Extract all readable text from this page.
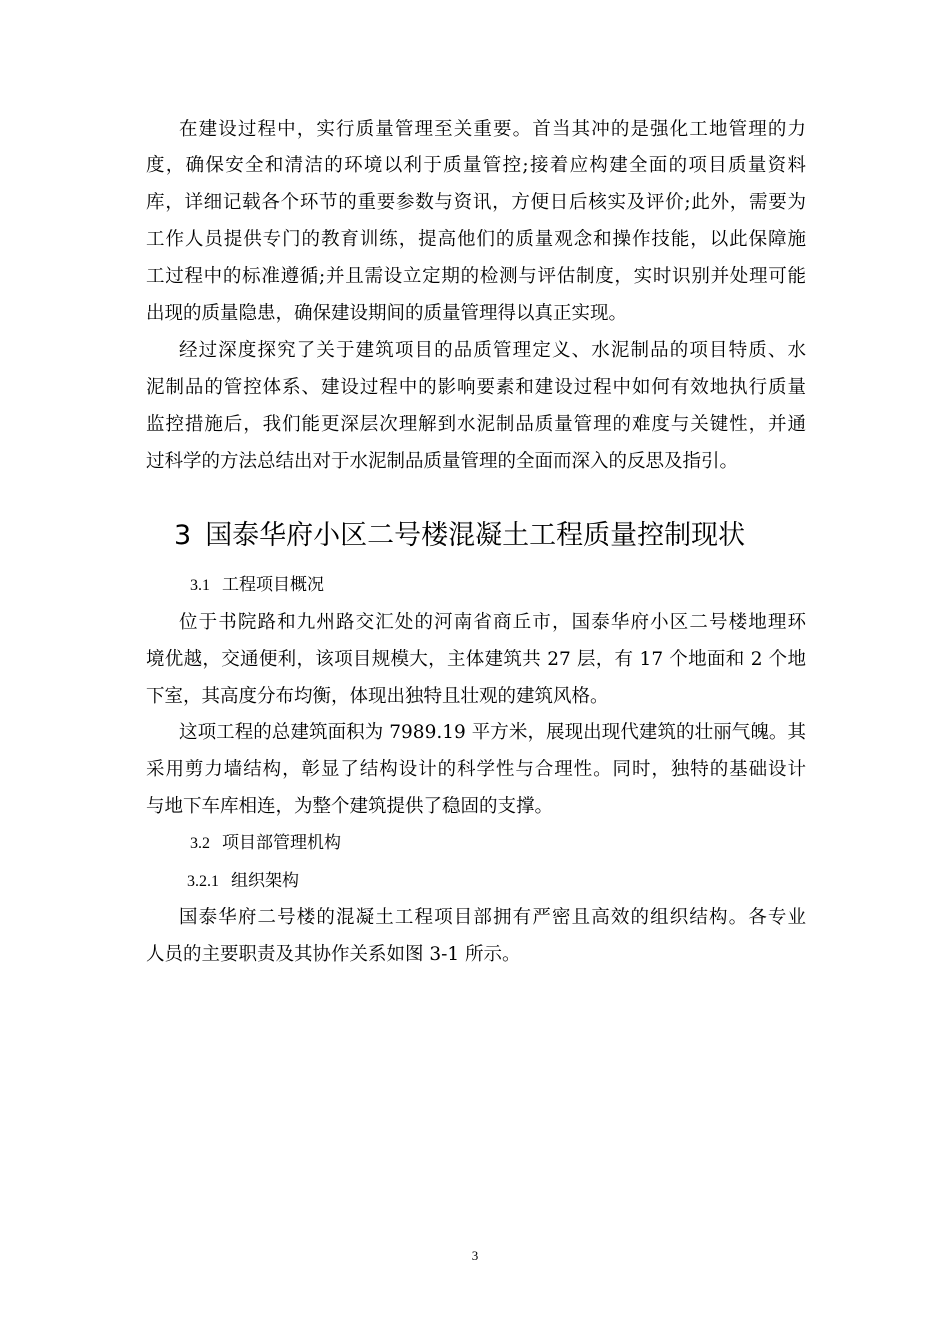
在建设过程中，实行质量管理至关重要。首当其冲的是强化工地管理的力
度，确保安全和清洁的环境以利于质量管控;接着应构建全面的项目质量资料
库，详细记载各个环节的重要参数与资讯，方便日后核实及评价;此外，需要为
工作人员提供专门的教育训练，提高他们的质量观念和操作技能，以此保障施
工过程中的标准遵循;并且需设立定期的检测与评估制度，实时识别并处理可能
出现的质量隐患，确保建设期间的质量管理得以真正实现。
经过深度探究了关于建筑项目的品质管理定义、水泥制品的项目特质、水
泥制品的管控体系、建设过程中的影响要素和建设过程中如何有效地执行质量
监控措施后，我们能更深层次理解到水泥制品质量管理的难度与关键性，并通
过科学的方法总结出对于水泥制品质量管理的全面而深入的反思及指引。
3 国泰华府小区二号楼混凝土工程质量控制现状
3.1 工程项目概况
位于书院路和九州路交汇处的河南省商丘市，国泰华府小区二号楼地理环
境优越，交通便利，该项目规模大，主体建筑共 27 层，有 17 个地面和 2 个地
下室，其高度分布均衡，体现出独特且壮观的建筑风格。
这项工程的总建筑面积为 7989.19 平方米，展现出现代建筑的壮丽气魄。其
采用剪力墙结构，彰显了结构设计的科学性与合理性。同时，独特的基础设计
与地下车库相连，为整个建筑提供了稳固的支撑。
3.2 项目部管理机构
3.2.1 组织架构
国泰华府二号楼的混凝土工程项目部拥有严密且高效的组织结构。各专业
人员的主要职责及其协作关系如图 3-1 所示。
3
